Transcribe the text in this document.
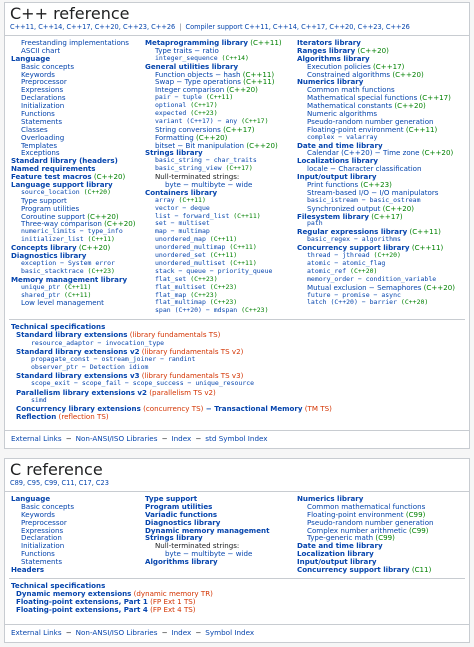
C++ reference
C++11, C++14, C++17, C++20, C++23, C++26 | Compiler support C++11, C++14, C++17, C++20, C++23, C++26
Freestanding implementations
ASCII chart
Language
Basic concepts
Keywords
Preprocessor
Expressions
Declarations
Initialization
Functions
Statements
Classes
Overloading
Templates
Exceptions
Standard library (headers)
Named requirements
Feature test macros (C++20)
Language support library
source_location (C++20)
Type support
Program utilities
Coroutine support (C++20)
Three-way comparison (C++20)
numeric_limits − type_info
initializer_list (C++11)
Concepts library (C++20)
Diagnostics library
exception − System error
basic_stacktrace (C++23)
Memory management library
unique_ptr (C++11)
shared_ptr (C++11)
Low level management
Metaprogramming library (C++11)
Type traits − ratio
integer_sequence (C++14)
General utilities library
Function objects − hash (C++11)
Swap − Type operations (C++11)
Integer comparison (C++20)
pair − tuple (C++11)
optional (C++17)
expected (C++23)
variant (C++17) − any (C++17)
String conversions (C++17)
Formatting (C++20)
bitset − Bit manipulation (C++20)
Strings library
basic_string − char_traits
basic_string_view (C++17)
Null-terminated strings:
byte − multibyte − wide
Containers library
array (C++11)
vector − deque
list − forward_list (C++11)
set − multiset
map − multimap
unordered_map (C++11)
unordered_multimap (C++11)
unordered_set (C++11)
unordered_multiset (C++11)
stack − queue − priority_queue
flat_set (C++23)
flat_multiset (C++23)
flat_map (C++23)
flat_multimap (C++23)
span (C++20) − mdspan (C++23)
Iterators library
Ranges library (C++20)
Algorithms library
Execution policies (C++17)
Constrained algorithms (C++20)
Numerics library
Common math functions
Mathematical special functions (C++17)
Mathematical constants (C++20)
Numeric algorithms
Pseudo-random number generation
Floating-point environment (C++11)
complex − valarray
Date and time library
Calendar (C++20) − Time zone (C++20)
Localizations library
locale − Character classification
Input/output library
Print functions (C++23)
Stream-based I/O − I/O manipulators
basic_istream − basic_ostream
Synchronized output (C++20)
Filesystem library (C++17)
path
Regular expressions library (C++11)
basic_regex − algorithms
Concurrency support library (C++11)
thread − jthread (C++20)
atomic − atomic_flag
atomic_ref (C++20)
memory_order − condition_variable
Mutual exclusion − Semaphores (C++20)
future − promise − async
latch (C++20) − barrier (C++20)
Technical specifications
Standard library extensions (library fundamentals TS)
resource_adaptor − invocation_type
Standard library extensions v2 (library fundamentals TS v2)
propagate_const − ostream_joiner − randint
observer_ptr − Detection idiom
Standard library extensions v3 (library fundamentals TS v3)
scope_exit − scope_fail − scope_success − unique_resource
Parallelism library extensions v2 (parallelism TS v2)
simd
Concurrency library extensions (concurrency TS) − Transactional Memory (TM TS)
Reflection (reflection TS)
External Links − Non-ANSI/ISO Libraries − Index − std Symbol Index
C reference
C89, C95, C99, C11, C17, C23
Language
Basic concepts
Keywords
Preprocessor
Expressions
Declaration
Initialization
Functions
Statements
Headers
Type support
Program utilities
Variadic functions
Diagnostics library
Dynamic memory management
Strings library
Null-terminated strings:
byte − multibyte − wide
Algorithms library
Numerics library
Common mathematical functions
Floating-point environment (C99)
Pseudo-random number generation
Complex number arithmetic (C99)
Type-generic math (C99)
Date and time library
Localization library
Input/output library
Concurrency support library (C11)
Technical specifications
Dynamic memory extensions (dynamic memory TR)
Floating-point extensions, Part 1 (FP Ext 1 TS)
Floating-point extensions, Part 4 (FP Ext 4 TS)
External Links − Non-ANSI/ISO Libraries − Index − Symbol Index
